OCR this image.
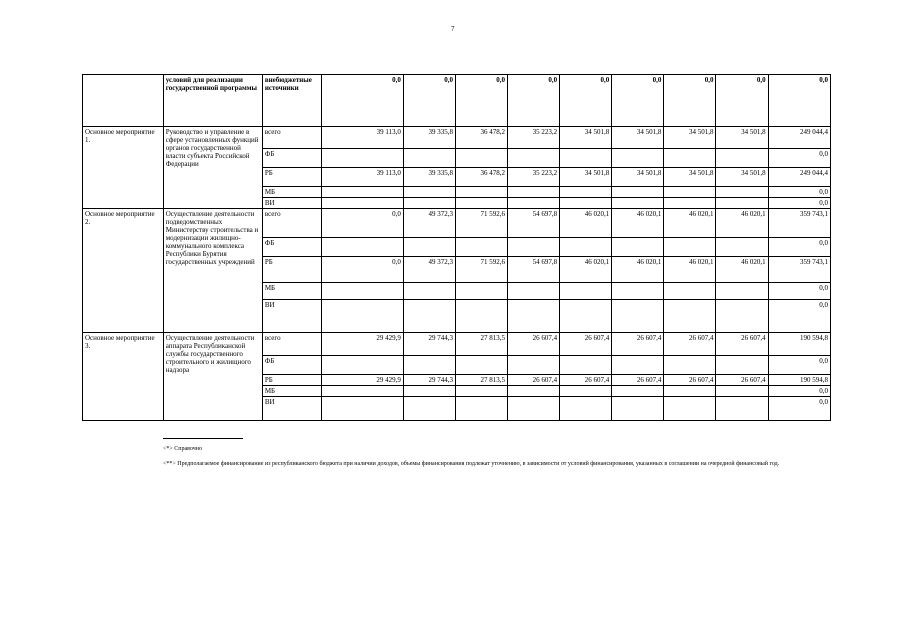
7
	условий для реализации государственной программы	внебюджетные источники	0,0	0,0	0,0	0,0	0,0	0,0	0,0	0,0	0,0
Основное мероприятие 1.	Руководство и управление в сфере установленных функций органов государственной власти субъекта Российской Федерации	всего	39 113,0	39 335,8	36 478,2	35 223,2	34 501,8	34 501,8	34 501,8	34 501,8	249 044,4
		ФБ									0,0
		РБ	39 113,0	39 335,8	36 478,2	35 223,2	34 501,8	34 501,8	34 501,8	34 501,8	249 044,4
		МБ									0,0
		ВИ									0,0
Основное мероприятие 2.	Осуществление деятельности подведомственных Министерству строительства и модернизации жилищно-коммунального комплекса Республики Бурятия государственных учреждений	всего	0,0	49 372,3	71 592,6	54 697,8	46 020,1	46 020,1	46 020,1	46 020,1	359 743,1
		ФБ									0,0
		РБ	0,0	49 372,3	71 592,6	54 697,8	46 020,1	46 020,1	46 020,1	46 020,1	359 743,1
		МБ									0,0
		ВИ									0,0
Основное мероприятие 3.	Осуществление деятельности аппарата Республиканской службы государственного строительного и жилищного надзора	всего	29 429,9	29 744,3	27 813,5	26 607,4	26 607,4	26 607,4	26 607,4	26 607,4	190 594,8
		ФБ									0,0
		РБ	29 429,9	29 744,3	27 813,5	26 607,4	26 607,4	26 607,4	26 607,4	26 607,4	190 594,8
		МБ									0,0
		ВИ									0,0
<*> Справочно
<**> Предполагаемое финансирование из республиканского бюджета при наличии доходов, объемы финансирования подлежат уточнению, в зависимости от условий финансирования, указанных в соглашении на очередной финансовый год.
